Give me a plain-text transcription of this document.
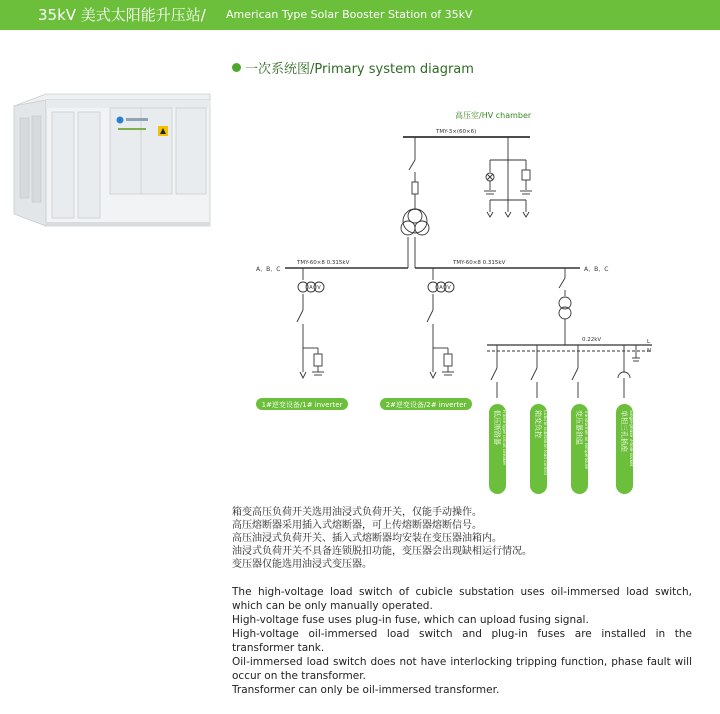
35kV 美式太阳能升压站/ American Type Solar Booster Station of 35kV
一次系统图/Primary system diagram
A V	A V
高压室/HV chamber
TMY-3×(60×6)
TMY-60×8 0.315kV	TMY-60×8 0.315kV
A、B、C	A、B、C
0.22kV	L
N
1#逆变设备/1# inverter	2#逆变设备/2# inverter
低压断路器 Frame type circuit breaker	箱变负控 Cubicle substation load control	变压器油温 Transformer oil temperature	单相三孔插座 Single-phase 3-hole socket
箱变高压负荷开关选用油浸式负荷开关，仅能手动操作。
高压熔断器采用插入式熔断器，可上传熔断器熔断信号。
高压油浸式负荷开关、插入式熔断器均安装在变压器油箱内。
油浸式负荷开关不具备连锁脱扣功能，变压器会出现缺相运行情况。
变压器仅能选用油浸式变压器。
The high-voltage load switch of cubicle substation uses oil-immersed load switch, which can be only manually operated.
High-voltage fuse uses plug-in fuse, which can upload fusing signal.
High-voltage oil-immersed load switch and plug-in fuses are installed in the transformer tank.
Oil-immersed load switch does not have interlocking tripping function, phase fault will occur on the transformer.
Transformer can only be oil-immersed transformer.
